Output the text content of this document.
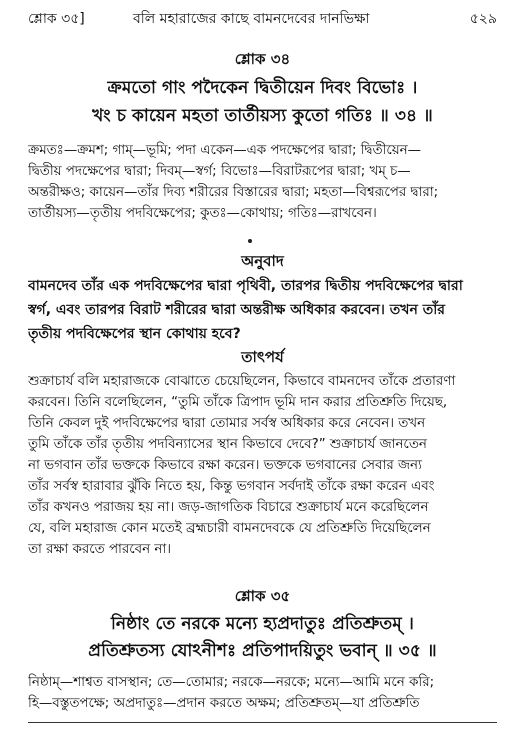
শ্লোক ৩৫]	বলি মহারাজের কাছে বামনদেবের দানভিক্ষা	৫২৯
শ্লোক ৩৪
ক্রমতো গাং পদৈকেন দ্বিতীয়েন দিবং বিভোঃ ।
খং চ কায়েন মহতা তার্তীয়স্য কুতো গতিঃ ॥ ৩৪ ॥
ক্রমতঃ—ক্রমশ; গাম্—ভূমি; পদা একেন—এক পদক্ষেপের দ্বারা; দ্বিতীয়েন—
দ্বিতীয় পদক্ষেপের দ্বারা; দিবম্—স্বর্গ; বিভোঃ—বিরাটরূপের দ্বারা; খম্ চ—
অন্তরীক্ষও; কায়েন—তাঁর দিব্য শরীরের বিস্তারের দ্বারা; মহতা—বিশ্বরূপের দ্বারা;
তার্তীয়স্য—তৃতীয় পদবিক্ষেপের; কুতঃ—কোথায়; গতিঃ—রাখবেন।
অনুবাদ
বামনদেব তাঁর এক পদবিক্ষেপের দ্বারা পৃথিবী, তারপর দ্বিতীয় পদবিক্ষেপের দ্বারা
স্বর্গ, এবং তারপর বিরাট শরীরের দ্বারা অন্তরীক্ষ অধিকার করবেন। তখন তাঁর
তৃতীয় পদবিক্ষেপের স্থান কোথায় হবে?
তাৎপর্য
শুক্রাচার্য বলি মহারাজকে বোঝাতে চেয়েছিলেন, কিভাবে বামনদেব তাঁকে প্রতারণা
করবেন। তিনি বলেছিলেন, “তুমি তাঁকে ত্রিপাদ ভূমি দান করার প্রতিশ্রুতি দিয়েছ,
তিনি কেবল দুই পদবিক্ষেপের দ্বারা তোমার সর্বস্ব অধিকার করে নেবেন। তখন
তুমি তাঁকে তাঁর তৃতীয় পদবিন্যাসের স্থান কিভাবে দেবে?” শুক্রাচার্য জানতেন
না ভগবান তাঁর ভক্তকে কিভাবে রক্ষা করেন। ভক্তকে ভগবানের সেবার জন্য
তাঁর সর্বস্ব হারাবার ঝুঁকি নিতে হয়, কিন্তু ভগবান সর্বদাই তাঁকে রক্ষা করেন এবং
তাঁর কখনও পরাজয় হয় না। জড়-জাগতিক বিচারে শুক্রাচার্য মনে করেছিলেন
যে, বলি মহারাজ কোন মতেই ব্রহ্মচারী বামনদেবকে যে প্রতিশ্রুতি দিয়েছিলেন
তা রক্ষা করতে পারবেন না।
শ্লোক ৩৫
নিষ্ঠাং তে নরকে মন্যে হ্যপ্রদাতুঃ প্রতিশ্রুতম্ ।
প্রতিশ্রুতস্য যোঽনীশঃ প্রতিপাদয়িতুং ভবান্ ॥ ৩৫ ॥
নিষ্ঠাম্—শাশ্বত বাসস্থান; তে—তোমার; নরকে—নরকে; মন্যে—আমি মনে করি;
হি—বস্তুতপক্ষে; অপ্রদাতুঃ—প্রদান করতে অক্ষম; প্রতিশ্রুতম্—যা প্রতিশ্রুতি
